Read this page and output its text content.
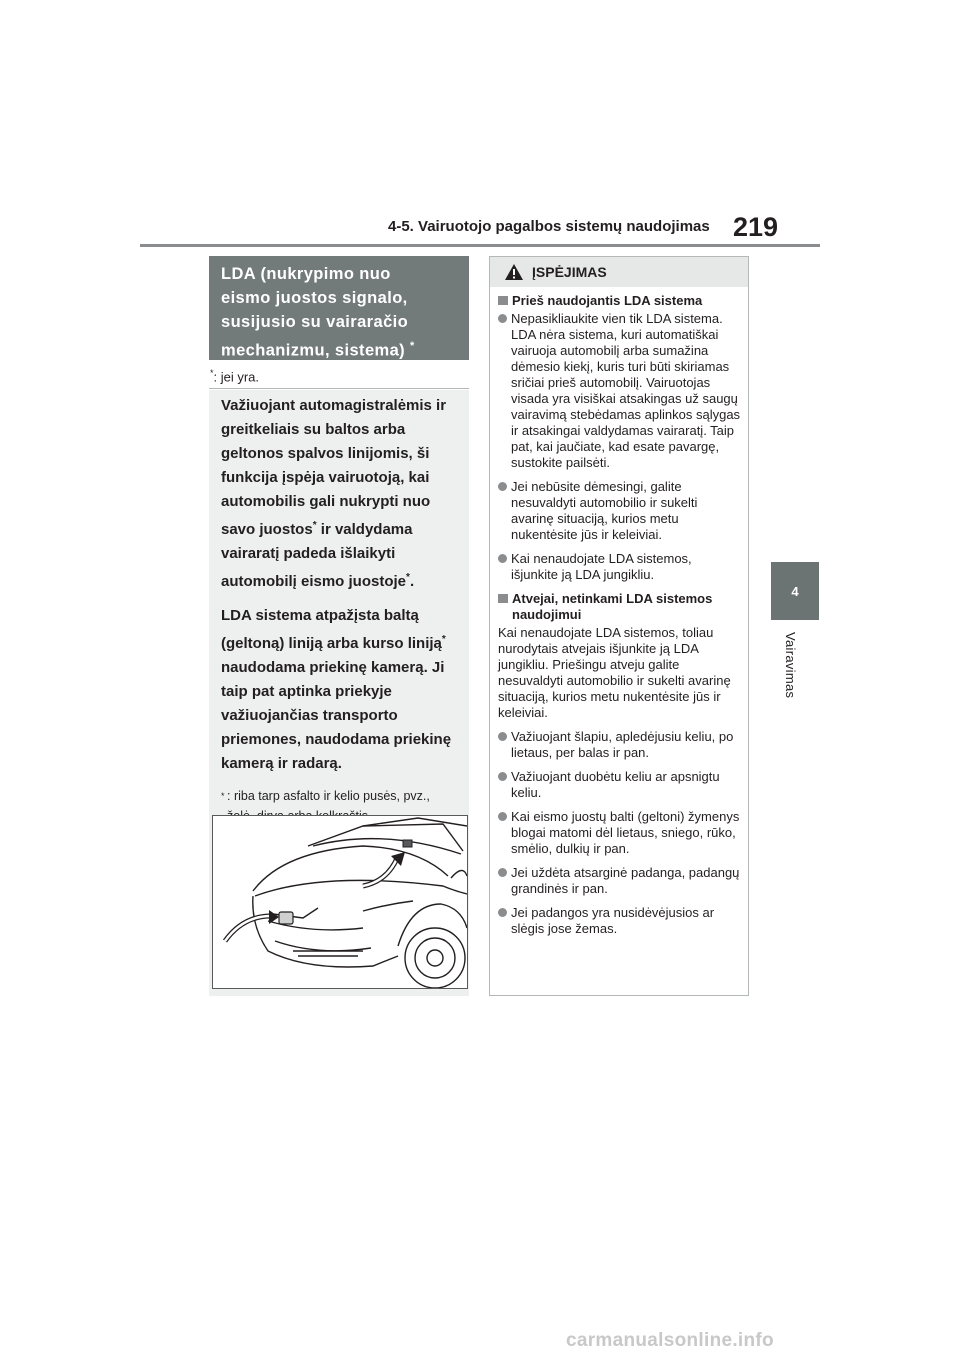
4-5. Vairuotojo pagalbos sistemų naudojimas 219
4
Vairavimas
LDA (nukrypimo nuo
eismo juostos signalo,
susijusio su vairaračio
mechanizmu, sistema) *
*: jei yra.

Važiuojant automagistralėmis ir greitkeliais su baltos arba geltonos spalvos linijomis, ši funkcija įspėja vairuotoją, kai automobilis gali nukrypti nuo savo juostos* ir valdydama vairaratį padeda išlaikyti automobilį eismo juostoje*.

LDA sistema atpažįsta baltą (geltoną) liniją arba kurso liniją* naudodama priekinę kamerą. Ji taip pat aptinka priekyje važiuojančias transporto priemones, naudodama priekinę kamerą ir radarą.

* : riba tarp asfalto ir kelio pusės, pvz.,
ĮSPĖJIMAS
Prieš naudojantis LDA sistema
Nepasikliaukite vien tik LDA sistema. LDA nėra sistema, kuri automatiškai vairuoja automobilį arba sumažina dėmesio kiekį, kuris turi būti skiriamas sričiai prieš automobilį. Vairuotojas visada yra visiškai atsakingas už saugų vairavimą stebėdamas aplinkos sąlygas ir atsakingai valdydamas vairaratį. Taip pat, kai jaučiate, kad esate pavargę, sustokite pailsėti.
Jei nebūsite dėmesingi, galite nesuvaldyti automobilio ir sukelti avarinę situaciją, kurios metu nukentėsite jūs ir keleiviai.
Kai nenaudojate LDA sistemos, išjunkite ją LDA jungikliu.
Atvejai, netinkami LDA sistemos naudojimui

Kai nenaudojate LDA sistemos, toliau nurodytais atvejais išjunkite ją LDA jungikliu. Priešingu atveju galite nesuvaldyti automobilio ir sukelti avarinę situaciją, kurios metu nukentėsite jūs ir keleiviai.

Važiuojant šlapiu, apledėjusiu keliu, po lietaus, per balas ir pan.
Važiuojant duobėtu keliu ar apsnigtu keliu.
Kai eismo juostų balti (geltoni) žymenys blogai matomi dėl lietaus, sniego, rūko, smėlio, dulkių ir pan.
Jei uždėta atsarginė padanga, padangų grandinės ir pan.
Jei padangos yra nusidėvėjusios ar slėgis jose žemas.
carmanualsonline.info
